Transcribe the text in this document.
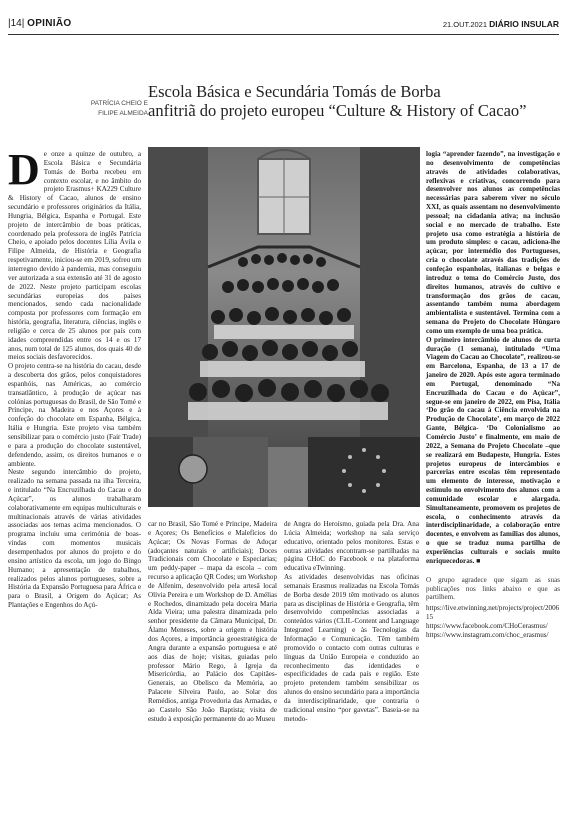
|14| OPINIÃO	21.OUT.2021 DIÁRIO INSULAR
PATRÍCIA CHEIO E
FILIPE ALMEIDA
Escola Básica e Secundária Tomás de Borba
anfitriã do projeto europeu “Culture & History of Cacao”

De onze a quinze de outubro, a Escola Básica e Secundária Tomás de Borba recebeu em contexto escolar, e no âmbito do projeto Erasmus+ KA229 Culture & History of Cacao, alunos de ensino secundário e professores originários da Itália, Hungria, Bélgica, Espanha e Portugal. Este projeto de intercâmbio de boas práticas, coordenado pela professora de inglês Patrícia Cheio, e apoiado pelos docentes Lília Ávila e Filipe Almeida, de História e Geografia respetivamente, iniciou-se em 2019, sofreu um interregno devido à pandemia, mas conseguiu ver autorizada a sua extensão até 31 de agosto de 2022. Neste projeto participam escolas secundárias europeias dos países mencionados, sendo cada nacionalidade composta por professores com formação em história, geografia, literatura, ciências, inglês e religião e cerca de 25 alunos por país com idades compreendidas entre os 14 e os 17 anos, num total de 125 alunos, dos quais 40 de meios sociais desfavorecidos.

O projeto centra-se na história do cacau, desde a descoberta dos grãos, pelos conquistadores espanhóis, nas Américas, ao comércio transatlântico, à produção de açúcar nas colónias portuguesas do Brasil, de São Tomé e Príncipe, na Madeira e nos Açores e à confeção do chocolate em Espanha, Bélgica, Itália e Hungria. Este projeto visa também sensibilizar para o comércio justo (Fair Trade) e para a produção do chocolate sustentável, defendendo, assim, os direitos humanos e o ambiente.

Neste segundo intercâmbio do projeto, realizado na semana passada na ilha Terceira, e intitulado “Na Encruzilhada do Cacau e do Açúcar”, os alunos trabalharam colaborativamente em equipas multiculturais e multinacionais através de várias atividades associadas aos temas acima mencionados. O programa incluiu uma cerimónia de boas-vindas com momentos musicais desempenhados por alunos do projeto e do ensino artístico da escola, um jogo do Bingo Humano; a apresentação de trabalhos, realizados pelos alunos portugueses, sobre a História da Expansão Portuguesa para África e para o Brasil, a Origem do Açúcar; As Plantações e Engenhos do Açú-

car no Brasil, São Tomé e Príncipe, Madeira e Açores; Os Benefícios e Malefícios do Açúcar; Os Novas Formas de Adoçar (adoçantes naturais e artificiais); Doces Tradicionais com Chocolate e Especiarias; um peddy-paper – mapa da escola – com recurso a aplicação QR Codes; um Workshop de Alfenim, desenvolvido pela artesã local Olívia Pereira e um Workshop de D. Amélias e Rochedos, dinamizado pela doceira Maria Alda Vieira; uma palestra dinamizada pelo senhor presidente da Câmara Municipal, Dr. Álamo Meneses, sobre a origem e história dos Açores, a importância geoestratégica de Angra durante a expansão portuguesa e até aos dias de hoje; visitas, guiadas pelo professor Mário Rego, à Igreja da Misericórdia, ao Palácio dos Capitães-Generais, ao Obelisco da Memória, ao Palacete Silveira Paulo, ao Solar dos Remédios, antiga Provedoria das Armadas, e ao Castelo São João Baptista; visita de estudo à exposição permanente do ao Museu

de Angra do Heroísmo, guiada pela Dra. Ana Lúcia Almeida; workshop na sala serviço educativo, orientado pelos monitores. Estas e outras atividades encontram-se partilhadas na página CHoC do Facebook e na plataforma educativa eTwinning.

As atividades desenvolvidas nas oficinas semanais Erasmus realizadas na Escola Tomás de Borba desde 2019 têm motivado os alunos para as disciplinas de História e Geografia, têm desenvolvido competências associadas a conteúdos vários (CLIL-Content and Language Integrated Learning) e às Tecnologias da Informação e Comunicação. Têm também promovido o contacto com outras culturas e línguas da União Europeia e conduzido ao reconhecimento das identidades e especificidades de cada país e região. Este projeto pretendem também sensibilizar os alunos do ensino secundário para a importância da interdisciplinaridade, que contraria o tradicional ensino “por gavetas”. Baseia-se na metodo-

logia “aprender fazendo”, na investigação e no desenvolvimento de competências através de atividades colaborativas, reflexivas e criativas, concorrendo para desenvolver nos alunos as competências necessárias para saberem viver no século XXI, as quais assentam no desenvolvimento pessoal; na cidadania ativa; na inclusão social e no mercado de trabalho. Este projeto usa como estratégia a história de um produto simples: o cacau, adiciona-lhe açúcar, por intermédio dos Portugueses, cria o chocolate através das tradições de confeção espanholas, italianas e belgas e introduz o tema do Comércio Justo, dos direitos humanos, através do cultivo e transformação dos grãos de cacau, assentando também numa abordagem ambientalista e sustentável. Termina com a semana do Projeto do Chocolate Húngaro como um exemplo de uma boa prática.

O primeiro intercâmbio de alunos de curta duração (1 semana), intitulado “Uma Viagem do Cacau ao Chocolate”, realizou-se em Barcelona, Espanha, de 13 a 17 de janeiro de 2020. Após este agora terminado em Portugal, denominado “Na Encruzilhada do Cacau e do Açúcar”, segue-se em janeiro de 2022, em Pisa, Itália ‘Do grão do cacau à Ciência envolvida na Produção de Chocolate’, em março de 2022 Gante, Bélgica- ‘Do Colonialismo ao Comércio Justo’ e finalmente, em maio de 2022, a Semana do Projeto Chocolate –que se realizará em Budapeste, Hungria. Estes projetos europeus de intercâmbios e parcerias entre escolas têm representado um elemento de interesse, motivação e estímulo no envolvimento dos alunos com a comunidade escolar e alargada. Simultaneamente, promovem os projetos de escola, o conhecimento através da interdisciplinaridade, a colaboração entre docentes, e envolvem as famílias dos alunos, o que se traduz numa partilha de experiências culturais e sociais muito enriquecedoras. ■

O grupo agradece que sigam as suas publicações nos links abaixo e que as partilhem.

https://live.etwinning.net/projects/project/200615
https://www.facebook.com/CHoCerasmus/
https://www.instagram.com/choc_erasmus/
